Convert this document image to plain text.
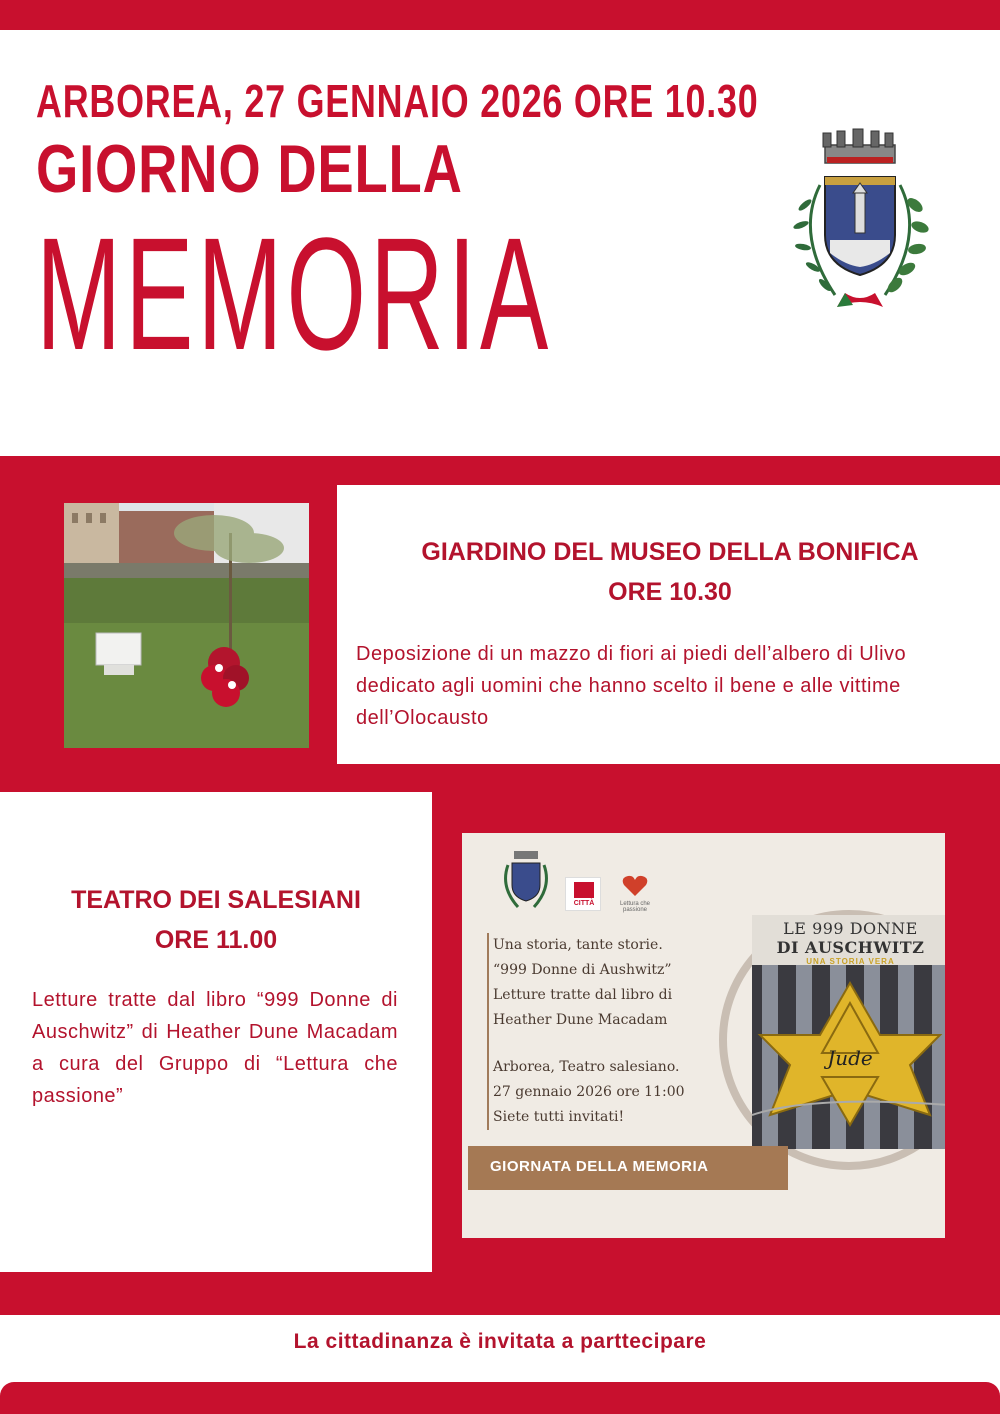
ARBOREA, 27 GENNAIO 2026 ORE 10.30
GIORNO DELLA
MEMORIA
GIARDINO DEL MUSEO DELLA BONIFICA
ORE 10.30
Deposizione di un mazzo di fiori ai piedi dell’albero di Ulivo dedicato agli uomini che hanno scelto il bene e alle vittime dell’Olocausto
CITTÀ	Lettura che passione
Una storia, tante storie.
“999 Donne di Aushwitz”
Letture tratte dal libro di
Heather Dune Macadam
Arborea, Teatro salesiano.
27 gennaio 2026 ore 11:00
Siete tutti invitati!
Jude
LE 999 DONNE
DI AUSCHWITZ
UNA STORIA VERA
GIORNATA DELLA MEMORIA
TEATRO DEI SALESIANI
ORE 11.00
Letture tratte dal libro “999 Donne di Auschwitz” di Heather Dune Macadam a cura del Gruppo di “Lettura che passione”
La cittadinanza è invitata a parttecipare
